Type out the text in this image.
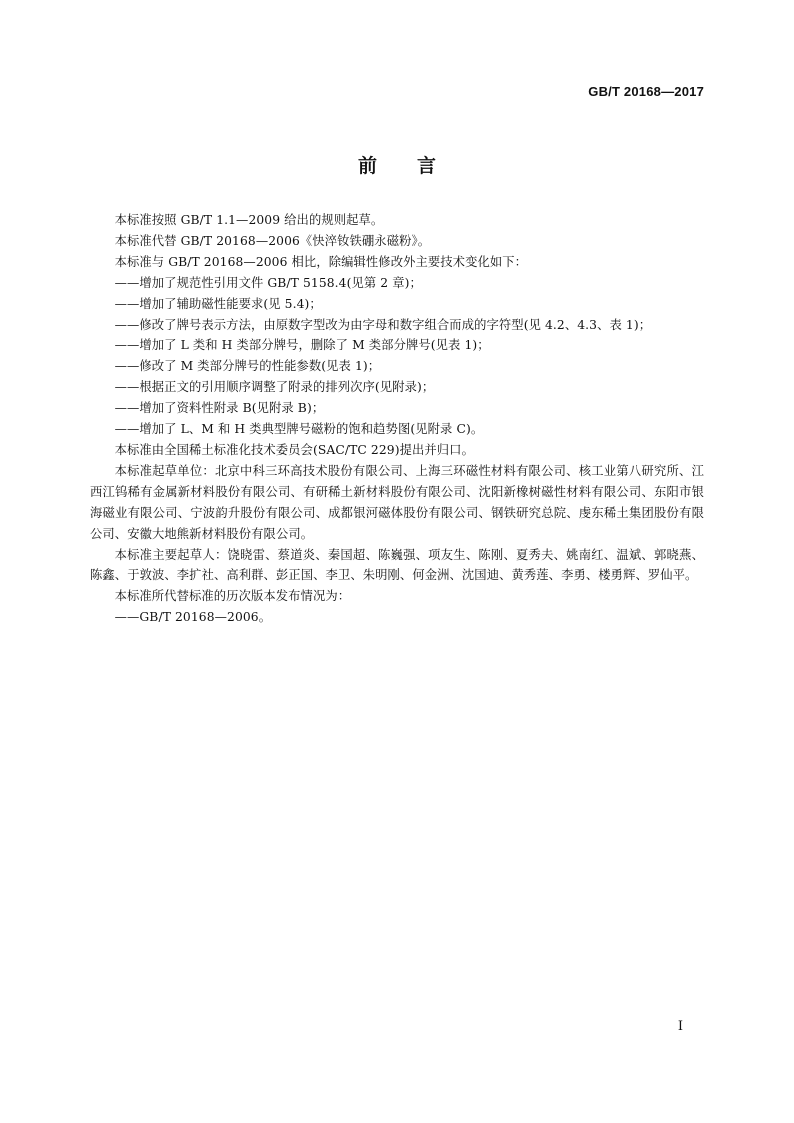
GB/T 20168—2017
前言

本标准按照 GB/T 1.1—2009 给出的规则起草。

本标准代替 GB/T 20168—2006《快淬钕铁硼永磁粉》。

本标准与 GB/T 20168—2006 相比，除编辑性修改外主要技术变化如下：

——增加了规范性引用文件 GB/T 5158.4(见第 2 章)；

——增加了辅助磁性能要求(见 5.4)；

——修改了牌号表示方法，由原数字型改为由字母和数字组合而成的字符型(见 4.2、4.3、表 1)；

——增加了 L 类和 H 类部分牌号，删除了 M 类部分牌号(见表 1)；

——修改了 M 类部分牌号的性能参数(见表 1)；

——根据正文的引用顺序调整了附录的排列次序(见附录)；

——增加了资料性附录 B(见附录 B)；

——增加了 L、M 和 H 类典型牌号磁粉的饱和趋势图(见附录 C)。

本标准由全国稀土标准化技术委员会(SAC/TC 229)提出并归口。

本标准起草单位：北京中科三环高技术股份有限公司、上海三环磁性材料有限公司、核工业第八研究所、江西江钨稀有金属新材料股份有限公司、有研稀土新材料股份有限公司、沈阳新橡树磁性材料有限公司、东阳市银海磁业有限公司、宁波韵升股份有限公司、成都银河磁体股份有限公司、钢铁研究总院、虔东稀土集团股份有限公司、安徽大地熊新材料股份有限公司。

本标准主要起草人：饶晓雷、蔡道炎、秦国超、陈巍强、项友生、陈刚、夏秀夫、姚南红、温斌、郭晓燕、陈鑫、于敦波、李扩社、高利群、彭正国、李卫、朱明刚、何金洲、沈国迪、黄秀莲、李勇、楼勇辉、罗仙平。

本标准所代替标准的历次版本发布情况为：

——GB/T 20168—2006。

I
